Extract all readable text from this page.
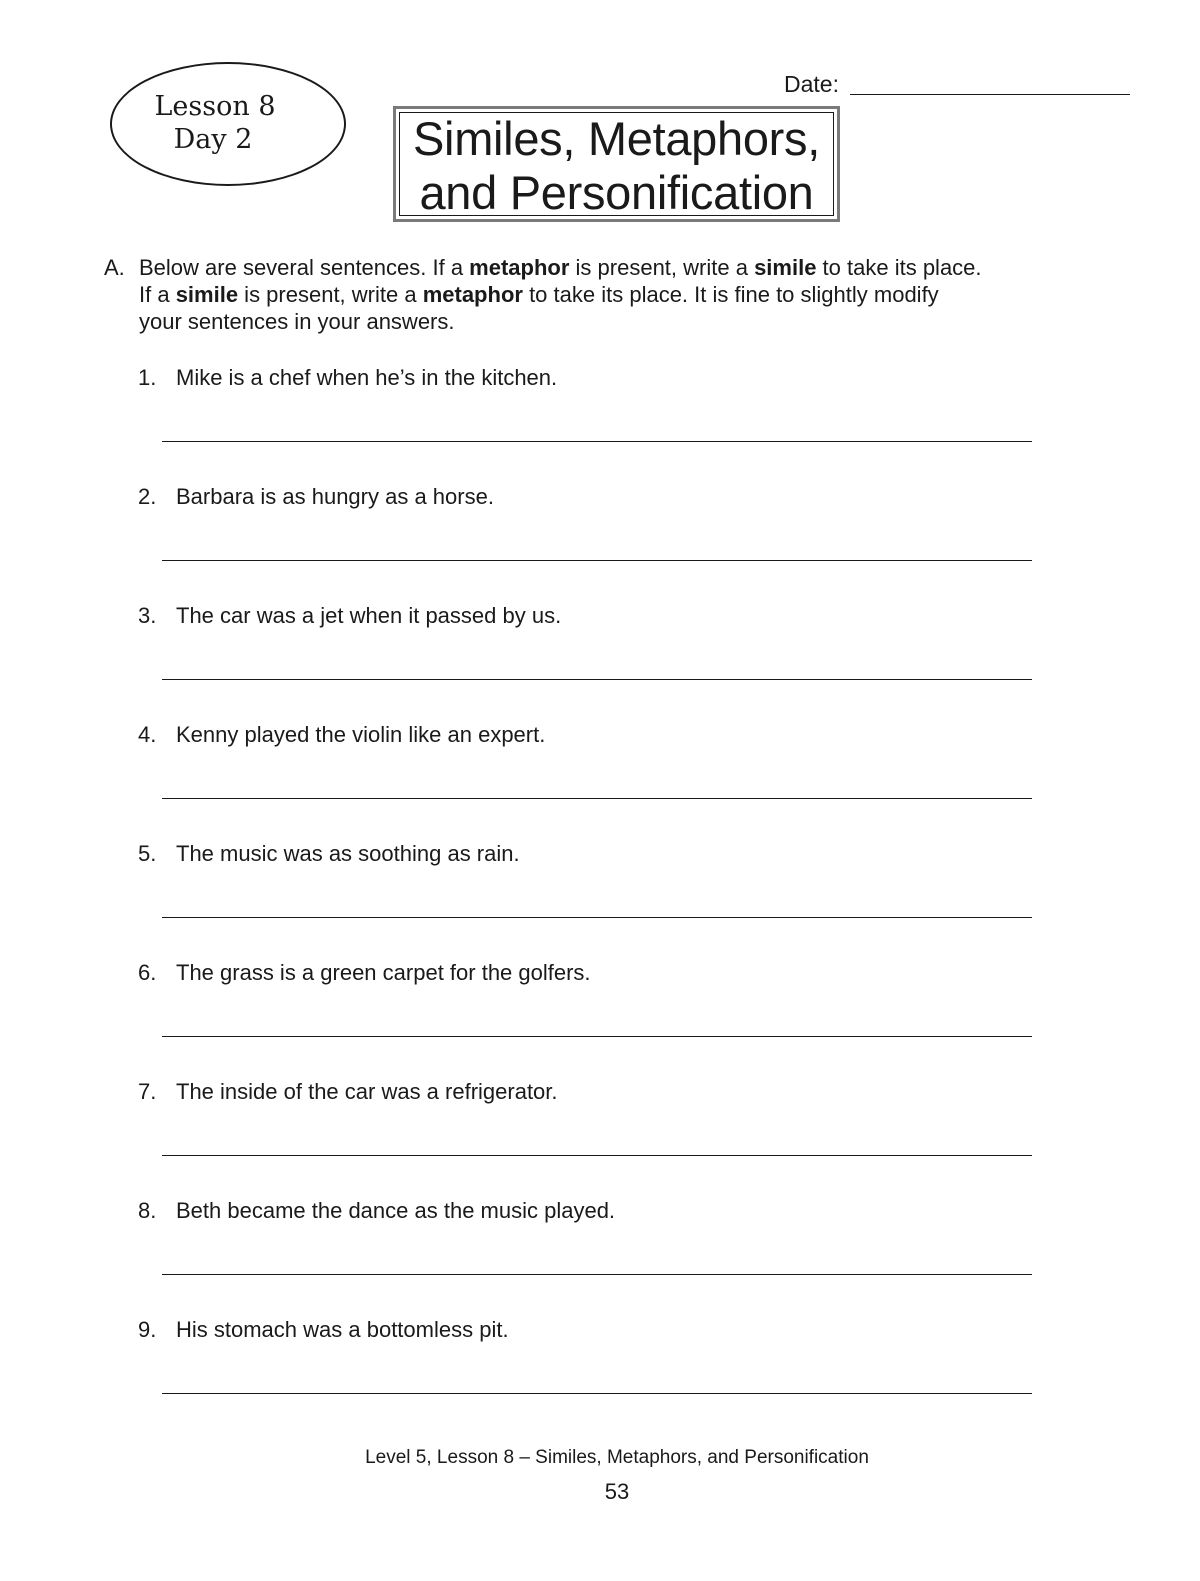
Lesson 8
Day 2
Date:
Similes, Metaphors,
and Personification
A. Below are several sentences. If a metaphor is present, write a simile to take its place.
If a simile is present, write a metaphor to take its place. It is fine to slightly modify
your sentences in your answers.
1. Mike is a chef when he’s in the kitchen.
2. Barbara is as hungry as a horse.
3. The car was a jet when it passed by us.
4. Kenny played the violin like an expert.
5. The music was as soothing as rain.
6. The grass is a green carpet for the golfers.
7. The inside of the car was a refrigerator.
8. Beth became the dance as the music played.
9. His stomach was a bottomless pit.
Level 5, Lesson 8 – Similes, Metaphors, and Personification
53
